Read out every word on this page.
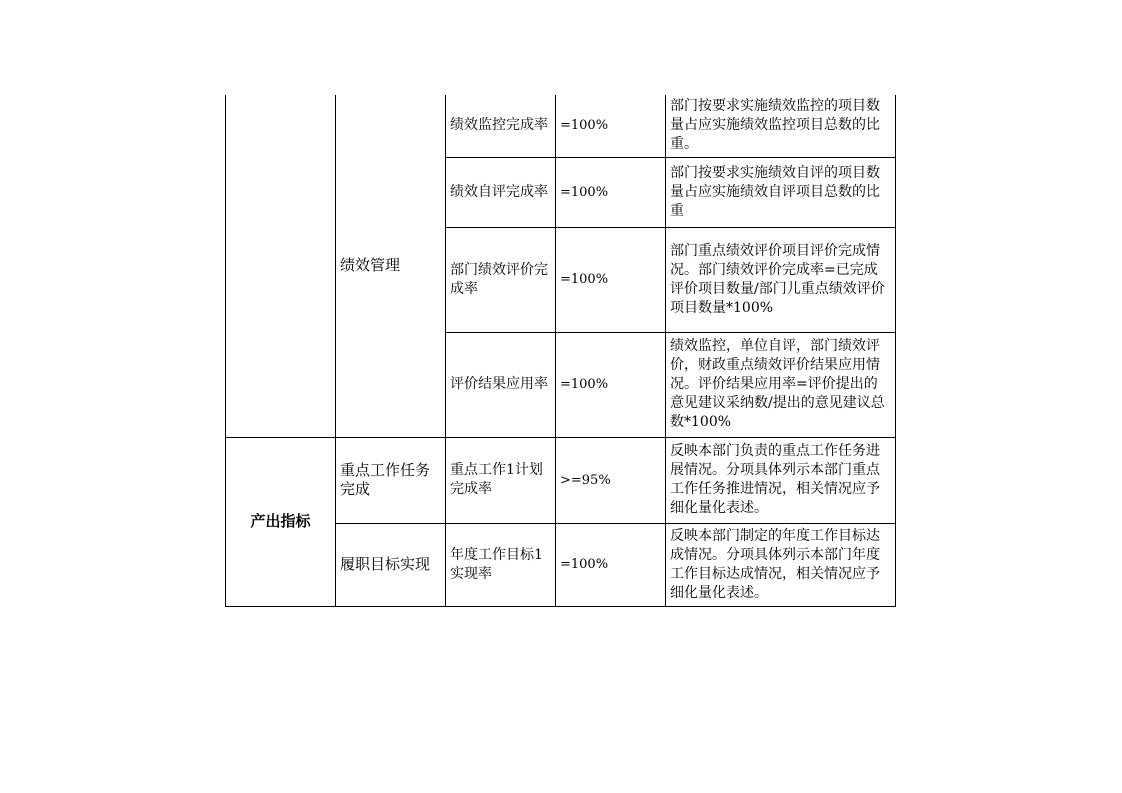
	绩效管理	绩效监控完成率	=100%	部门按要求实施绩效监控的项目数量占应实施绩效监控项目总数的比重。
		绩效自评完成率	=100%	部门按要求实施绩效自评的项目数量占应实施绩效自评项目总数的比重
		部门绩效评价完成率	=100%	部门重点绩效评价项目评价完成情况。部门绩效评价完成率=已完成评价项目数量/部门儿重点绩效评价项目数量*100%
		评价结果应用率	=100%	绩效监控，单位自评，部门绩效评价，财政重点绩效评价结果应用情况。评价结果应用率=评价提出的意见建议采纳数/提出的意见建议总数*100%
产出指标	重点工作任务完成	重点工作1计划完成率	>=95%	反映本部门负责的重点工作任务进展情况。分项具体列示本部门重点工作任务推进情况，相关情况应予细化量化表述。
	履职目标实现	年度工作目标1实现率	=100%	反映本部门制定的年度工作目标达成情况。分项具体列示本部门年度工作目标达成情况，相关情况应予细化量化表述。
